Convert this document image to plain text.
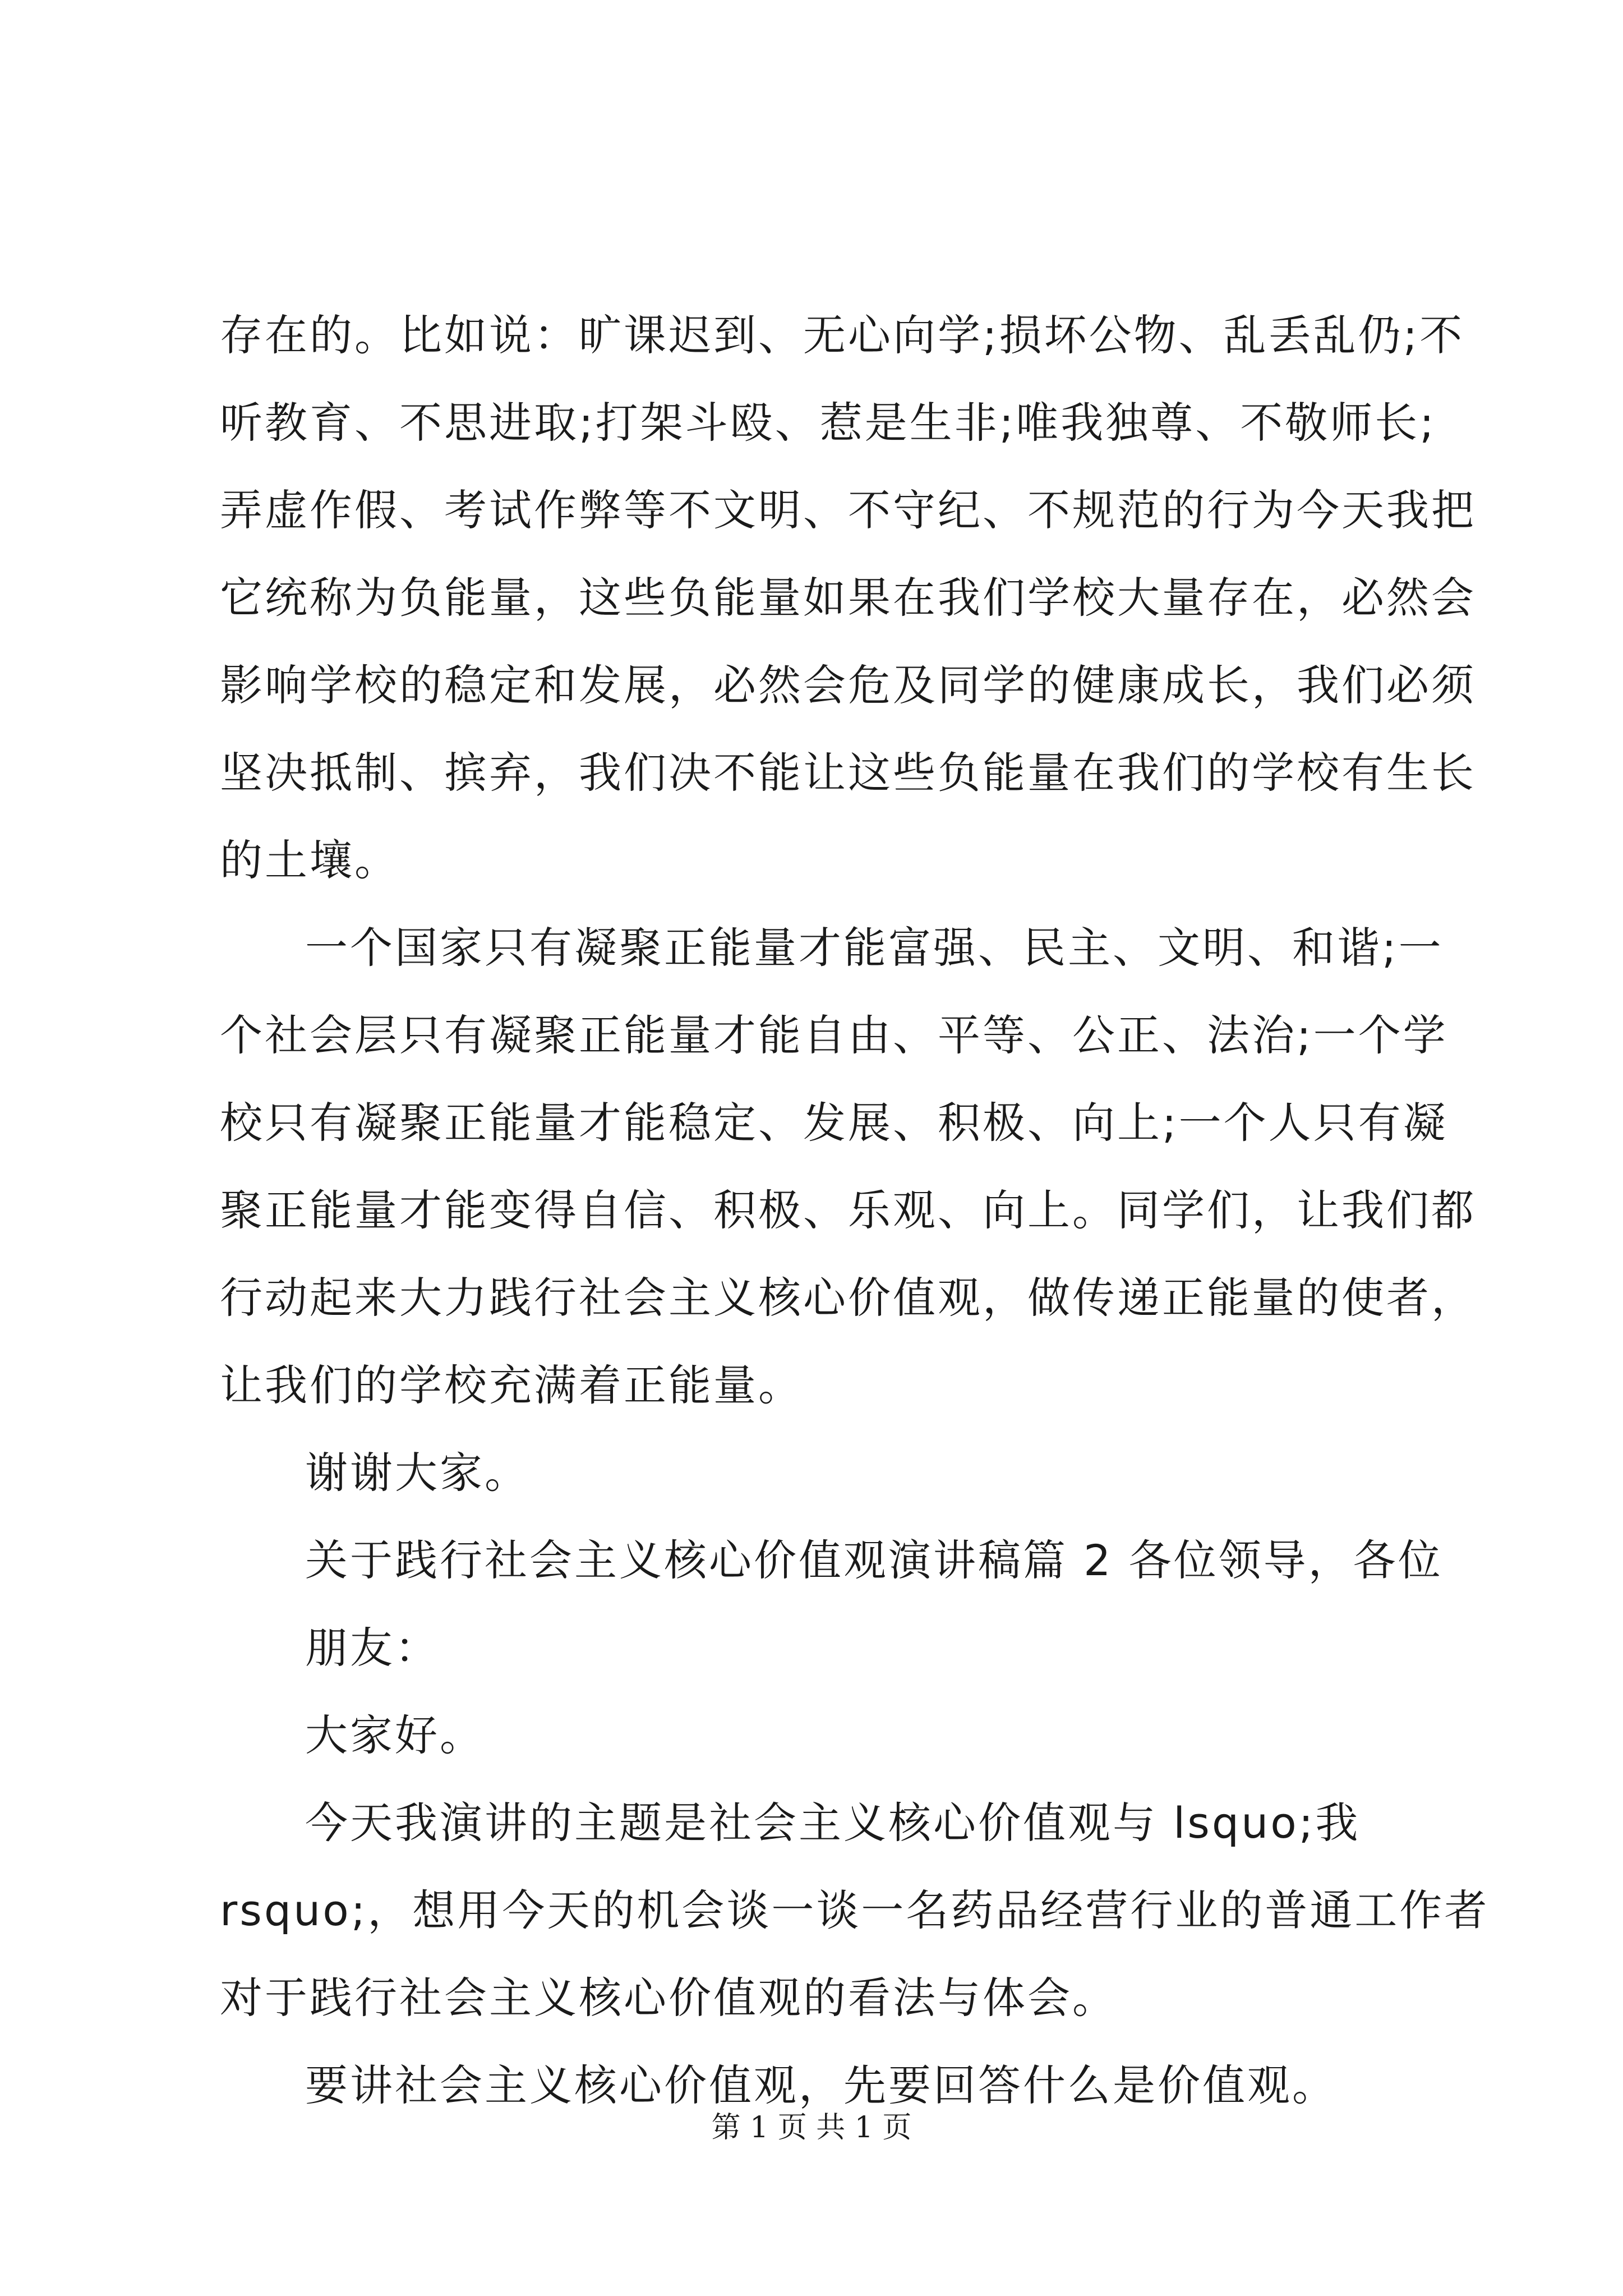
存在的。比如说：旷课迟到、无心向学;损坏公物、乱丢乱仍;不
听教育、不思进取;打架斗殴、惹是生非;唯我独尊、不敬师长;
弄虚作假、考试作弊等不文明、不守纪、不规范的行为今天我把
它统称为负能量，这些负能量如果在我们学校大量存在，必然会
影响学校的稳定和发展，必然会危及同学的健康成长，我们必须
坚决抵制、摈弃，我们决不能让这些负能量在我们的学校有生长
的土壤。
一个国家只有凝聚正能量才能富强、民主、文明、和谐;一
个社会层只有凝聚正能量才能自由、平等、公正、法治;一个学
校只有凝聚正能量才能稳定、发展、积极、向上;一个人只有凝
聚正能量才能变得自信、积极、乐观、向上。同学们，让我们都
行动起来大力践行社会主义核心价值观，做传递正能量的使者，
让我们的学校充满着正能量。
谢谢大家。
关于践行社会主义核心价值观演讲稿篇 2 各位领导，各位
朋友：
大家好。
今天我演讲的主题是社会主义核心价值观与 lsquo;我
rsquo;，想用今天的机会谈一谈一名药品经营行业的普通工作者
对于践行社会主义核心价值观的看法与体会。
要讲社会主义核心价值观，先要回答什么是价值观。
第 1 页 共 1 页
